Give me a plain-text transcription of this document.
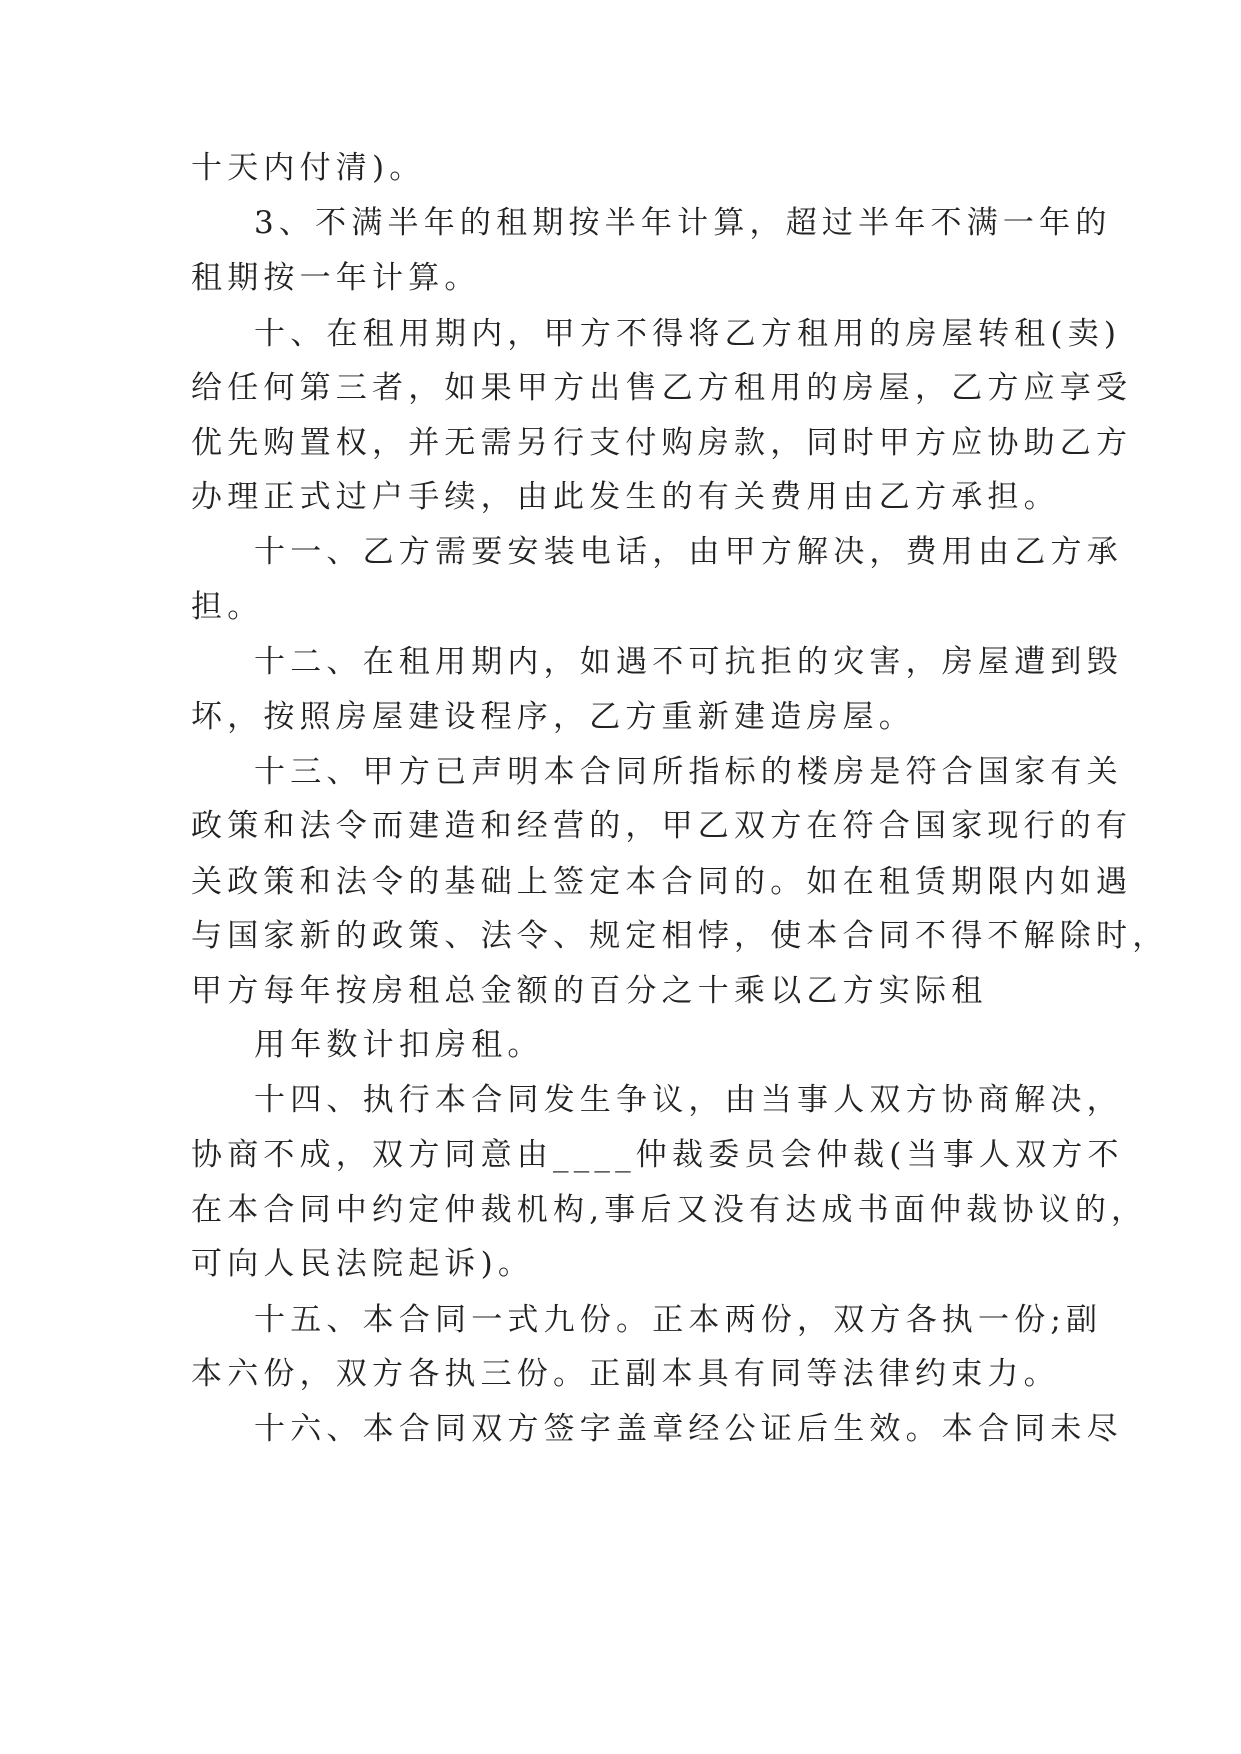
十天内付清)。
3、不满半年的租期按半年计算，超过半年不满一年的
租期按一年计算。
十、在租用期内，甲方不得将乙方租用的房屋转租(卖)
给任何第三者，如果甲方出售乙方租用的房屋，乙方应享受
优先购置权，并无需另行支付购房款，同时甲方应协助乙方
办理正式过户手续，由此发生的有关费用由乙方承担。
十一、乙方需要安装电话，由甲方解决，费用由乙方承
担。
十二、在租用期内，如遇不可抗拒的灾害，房屋遭到毁
坏，按照房屋建设程序，乙方重新建造房屋。
十三、甲方已声明本合同所指标的楼房是符合国家有关
政策和法令而建造和经营的，甲乙双方在符合国家现行的有
关政策和法令的基础上签定本合同的。如在租赁期限内如遇
与国家新的政策、法令、规定相悖，使本合同不得不解除时，
甲方每年按房租总金额的百分之十乘以乙方实际租
用年数计扣房租。
十四、执行本合同发生争议，由当事人双方协商解决，
协商不成，双方同意由____仲裁委员会仲裁(当事人双方不
在本合同中约定仲裁机构,事后又没有达成书面仲裁协议的，
可向人民法院起诉)。
十五、本合同一式九份。正本两份，双方各执一份;副
本六份，双方各执三份。正副本具有同等法律约束力。
十六、本合同双方签字盖章经公证后生效。本合同未尽
